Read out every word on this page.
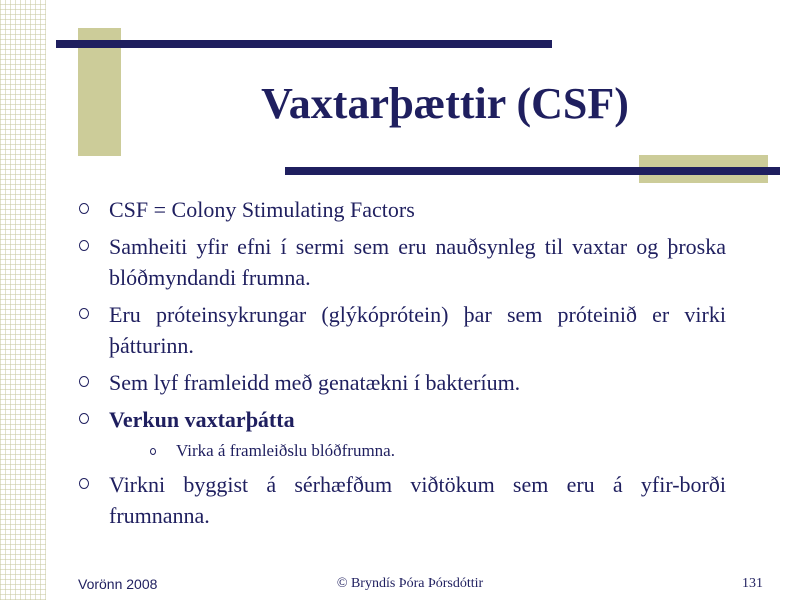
Vaxtarþættir (CSF)
CSF = Colony Stimulating Factors
Samheiti yfir efni í sermi sem eru nauðsynleg til vaxtar og þroska blóðmyndandi frumna.
Eru próteinsykrungar (glýkóprótein) þar sem próteinið er virki þátturinn.
Sem lyf framleidd með genatækni í bakteríum.
Verkun vaxtarþátta
Virka á framleiðslu blóðfrumna.
Virkni byggist á sérhæfðum viðtökum sem eru á yfir-borði frumnanna.
Vorönn 2008	© Bryndís Þóra Þórsdóttir	131
